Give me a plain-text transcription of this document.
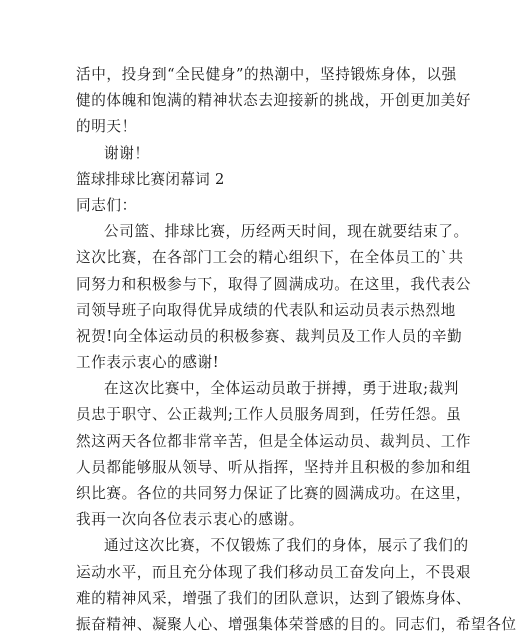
活中，投身到“全民健身”的热潮中，坚持锻炼身体，以强
健的体魄和饱满的精神状态去迎接新的挑战，开创更加美好
的明天！
谢谢！
篮球排球比赛闭幕词 2
同志们：
公司篮、排球比赛，历经两天时间，现在就要结束了。
这次比赛，在各部门工会的精心组织下，在全体员工的`共
同努力和积极参与下，取得了圆满成功。在这里，我代表公
司领导班子向取得优异成绩的代表队和运动员表示热烈地
祝贺!向全体运动员的积极参赛、裁判员及工作人员的辛勤
工作表示衷心的感谢!
在这次比赛中，全体运动员敢于拼搏，勇于进取;裁判
员忠于职守、公正裁判;工作人员服务周到，任劳任怨。虽
然这两天各位都非常辛苦，但是全体运动员、裁判员、工作
人员都能够服从领导、听从指挥，坚持并且积极的参加和组
织比赛。各位的共同努力保证了比赛的圆满成功。在这里，
我再一次向各位表示衷心的感谢。
通过这次比赛，不仅锻炼了我们的身体，展示了我们的
运动水平，而且充分体现了我们移动员工奋发向上，不畏艰
难的精神风采，增强了我们的团队意识，达到了锻炼身体、
振奋精神、凝聚人心、增强集体荣誉感的目的。同志们，希望各位
